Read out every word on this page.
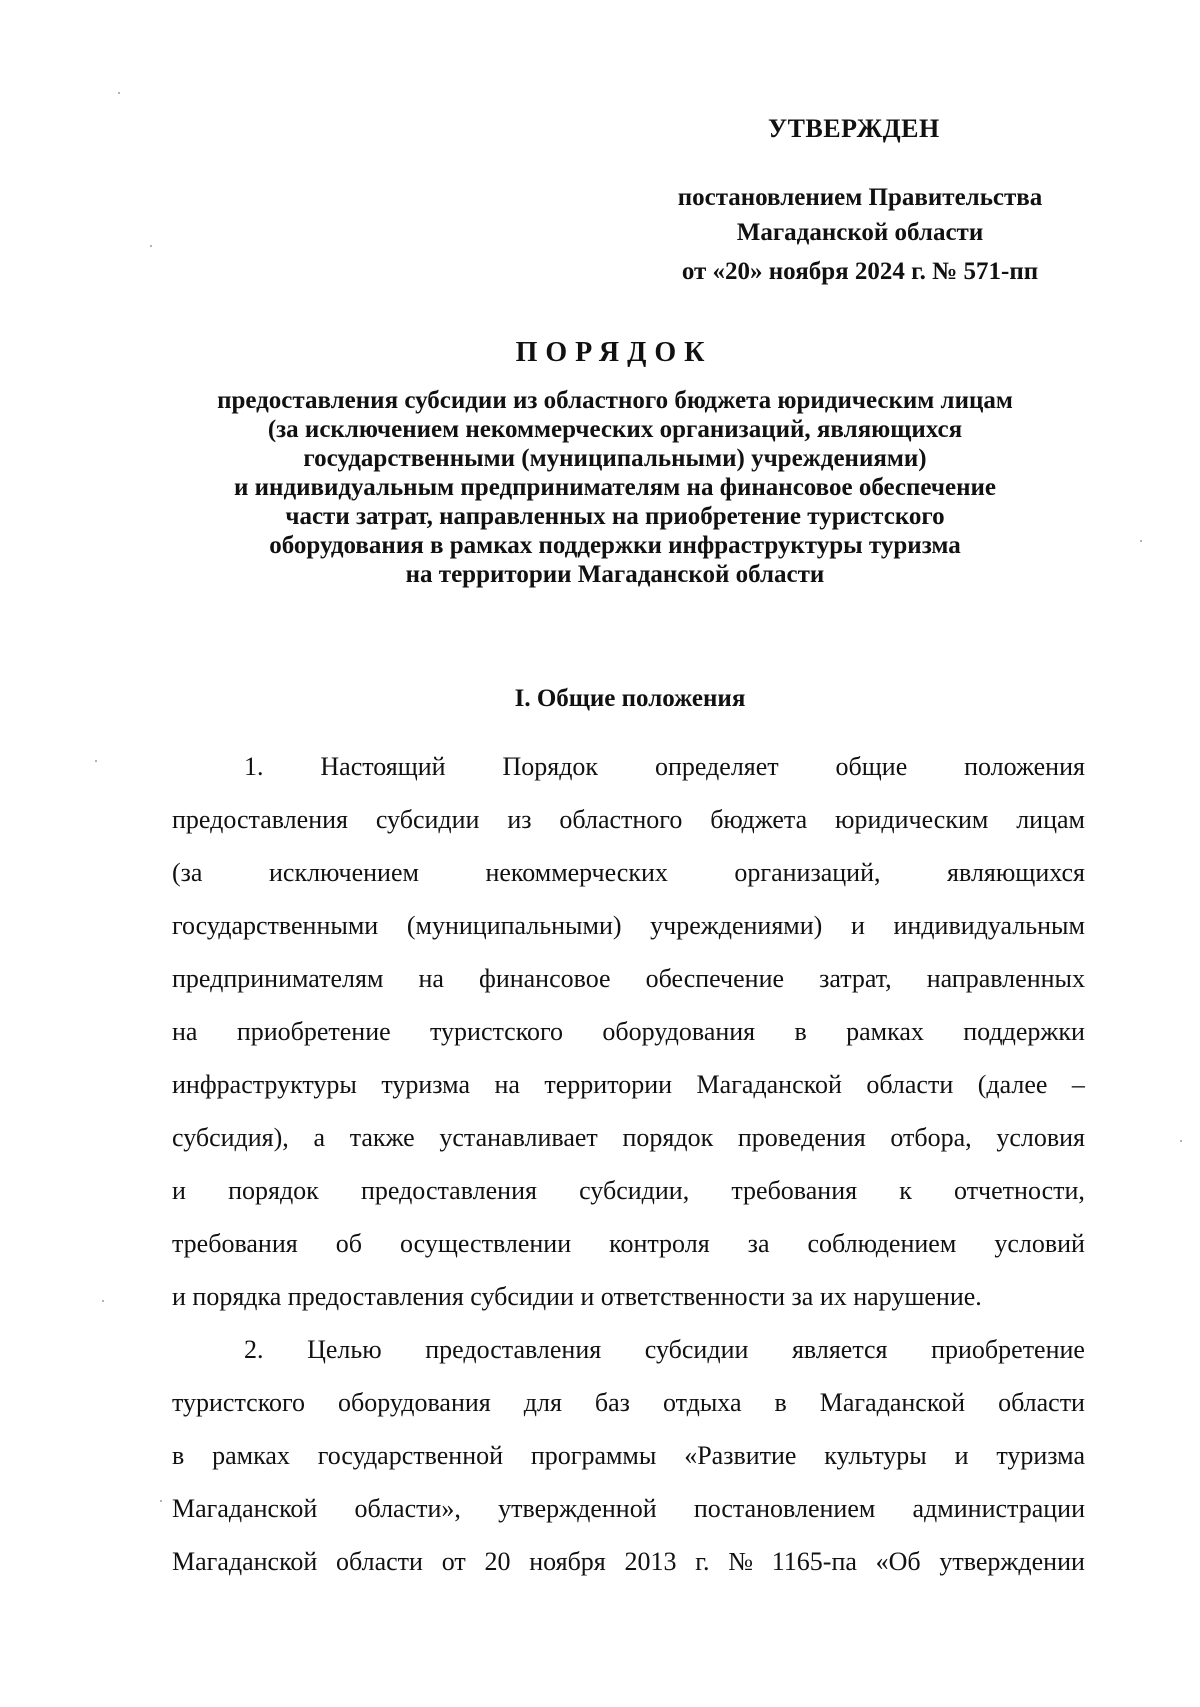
УТВЕРЖДЕН
постановлением Правительства
Магаданской области
от «20» ноября 2024 г. № 571-пп
ПОРЯДОК
предоставления субсидии из областного бюджета юридическим лицам
(за исключением некоммерческих организаций, являющихся
государственными (муниципальными) учреждениями)
и индивидуальным предпринимателям на финансовое обеспечение
части затрат, направленных на приобретение туристского
оборудования в рамках поддержки инфраструктуры туризма
на территории Магаданской области
I. Общие положения
1. Настоящий Порядок определяет общие положения
предоставления субсидии из областного бюджета юридическим лицам
(за	исключением	некоммерческих	организаций,	являющихся
государственными (муниципальными) учреждениями) и индивидуальным
предпринимателям на финансовое обеспечение затрат, направленных
на приобретение туристского оборудования в рамках поддержки
инфраструктуры туризма на территории Магаданской области (далее –
субсидия), а также устанавливает порядок проведения отбора, условия
и порядок предоставления субсидии, требования к отчетности,
требования об осуществлении контроля за соблюдением условий
и порядка предоставления субсидии и ответственности за их нарушение.
2. Целью предоставления субсидии является приобретение
туристского оборудования для баз отдыха в Магаданской области
в рамках государственной программы «Развитие культуры и туризма
Магаданской области», утвержденной постановлением администрации
Магаданской области от 20 ноября 2013 г. № 1165-па «Об утверждении
